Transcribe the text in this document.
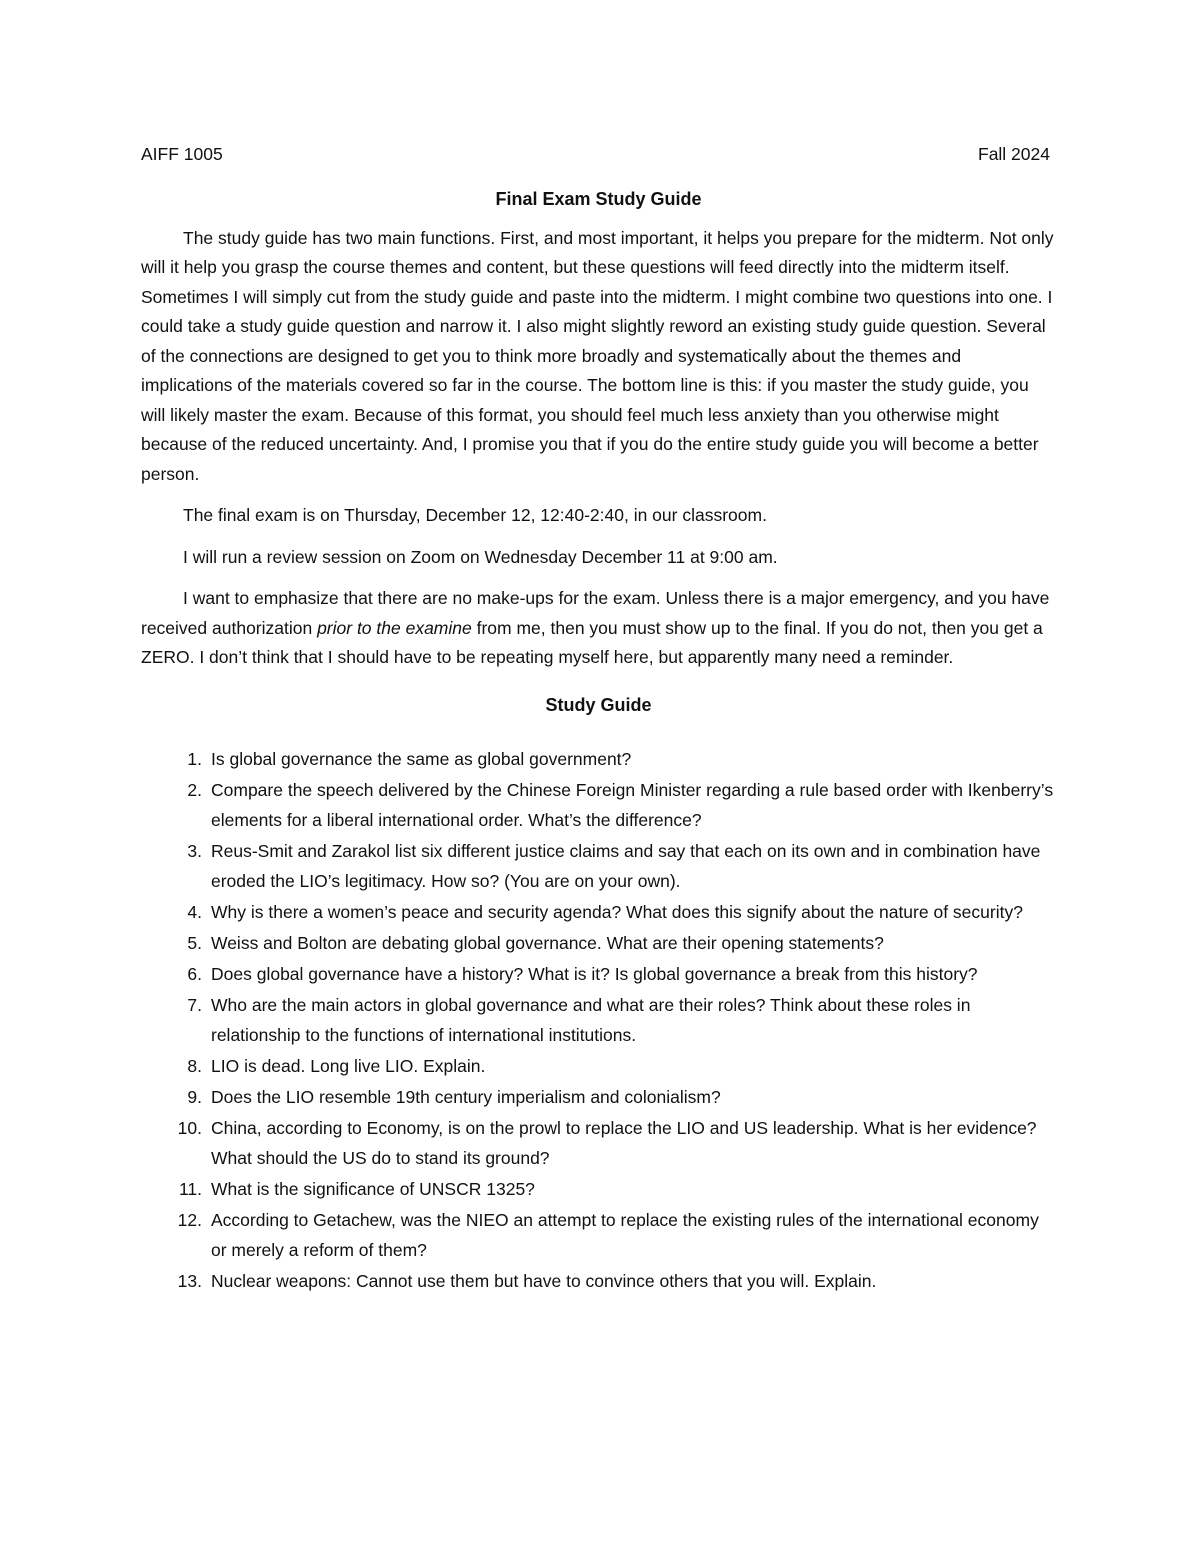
AIFF 1005	Fall 2024
Final Exam Study Guide

The study guide has two main functions. First, and most important, it helps you prepare for the midterm. Not only will it help you grasp the course themes and content, but these questions will feed directly into the midterm itself. Sometimes I will simply cut from the study guide and paste into the midterm. I might combine two questions into one. I could take a study guide question and narrow it. I also might slightly reword an existing study guide question. Several of the connections are designed to get you to think more broadly and systematically about the themes and implications of the materials covered so far in the course. The bottom line is this: if you master the study guide, you will likely master the exam. Because of this format, you should feel much less anxiety than you otherwise might because of the reduced uncertainty. And, I promise you that if you do the entire study guide you will become a better person.

The final exam is on Thursday, December 12, 12:40-2:40, in our classroom.

I will run a review session on Zoom on Wednesday December 11 at 9:00 am.

I want to emphasize that there are no make-ups for the exam. Unless there is a major emergency, and you have received authorization prior to the examine from me, then you must show up to the final. If you do not, then you get a ZERO. I don’t think that I should have to be repeating myself here, but apparently many need a reminder.

Study Guide
1. Is global governance the same as global government?
2. Compare the speech delivered by the Chinese Foreign Minister regarding a rule based order with Ikenberry’s elements for a liberal international order. What’s the difference?
3. Reus-Smit and Zarakol list six different justice claims and say that each on its own and in combination have eroded the LIO’s legitimacy. How so? (You are on your own).
4. Why is there a women’s peace and security agenda? What does this signify about the nature of security?
5. Weiss and Bolton are debating global governance. What are their opening statements?
6. Does global governance have a history? What is it? Is global governance a break from this history?
7. Who are the main actors in global governance and what are their roles? Think about these roles in relationship to the functions of international institutions.
8. LIO is dead. Long live LIO. Explain.
9. Does the LIO resemble 19th century imperialism and colonialism?
10. China, according to Economy, is on the prowl to replace the LIO and US leadership. What is her evidence? What should the US do to stand its ground?
11. What is the significance of UNSCR 1325?
12. According to Getachew, was the NIEO an attempt to replace the existing rules of the international economy or merely a reform of them?
13. Nuclear weapons: Cannot use them but have to convince others that you will. Explain.
